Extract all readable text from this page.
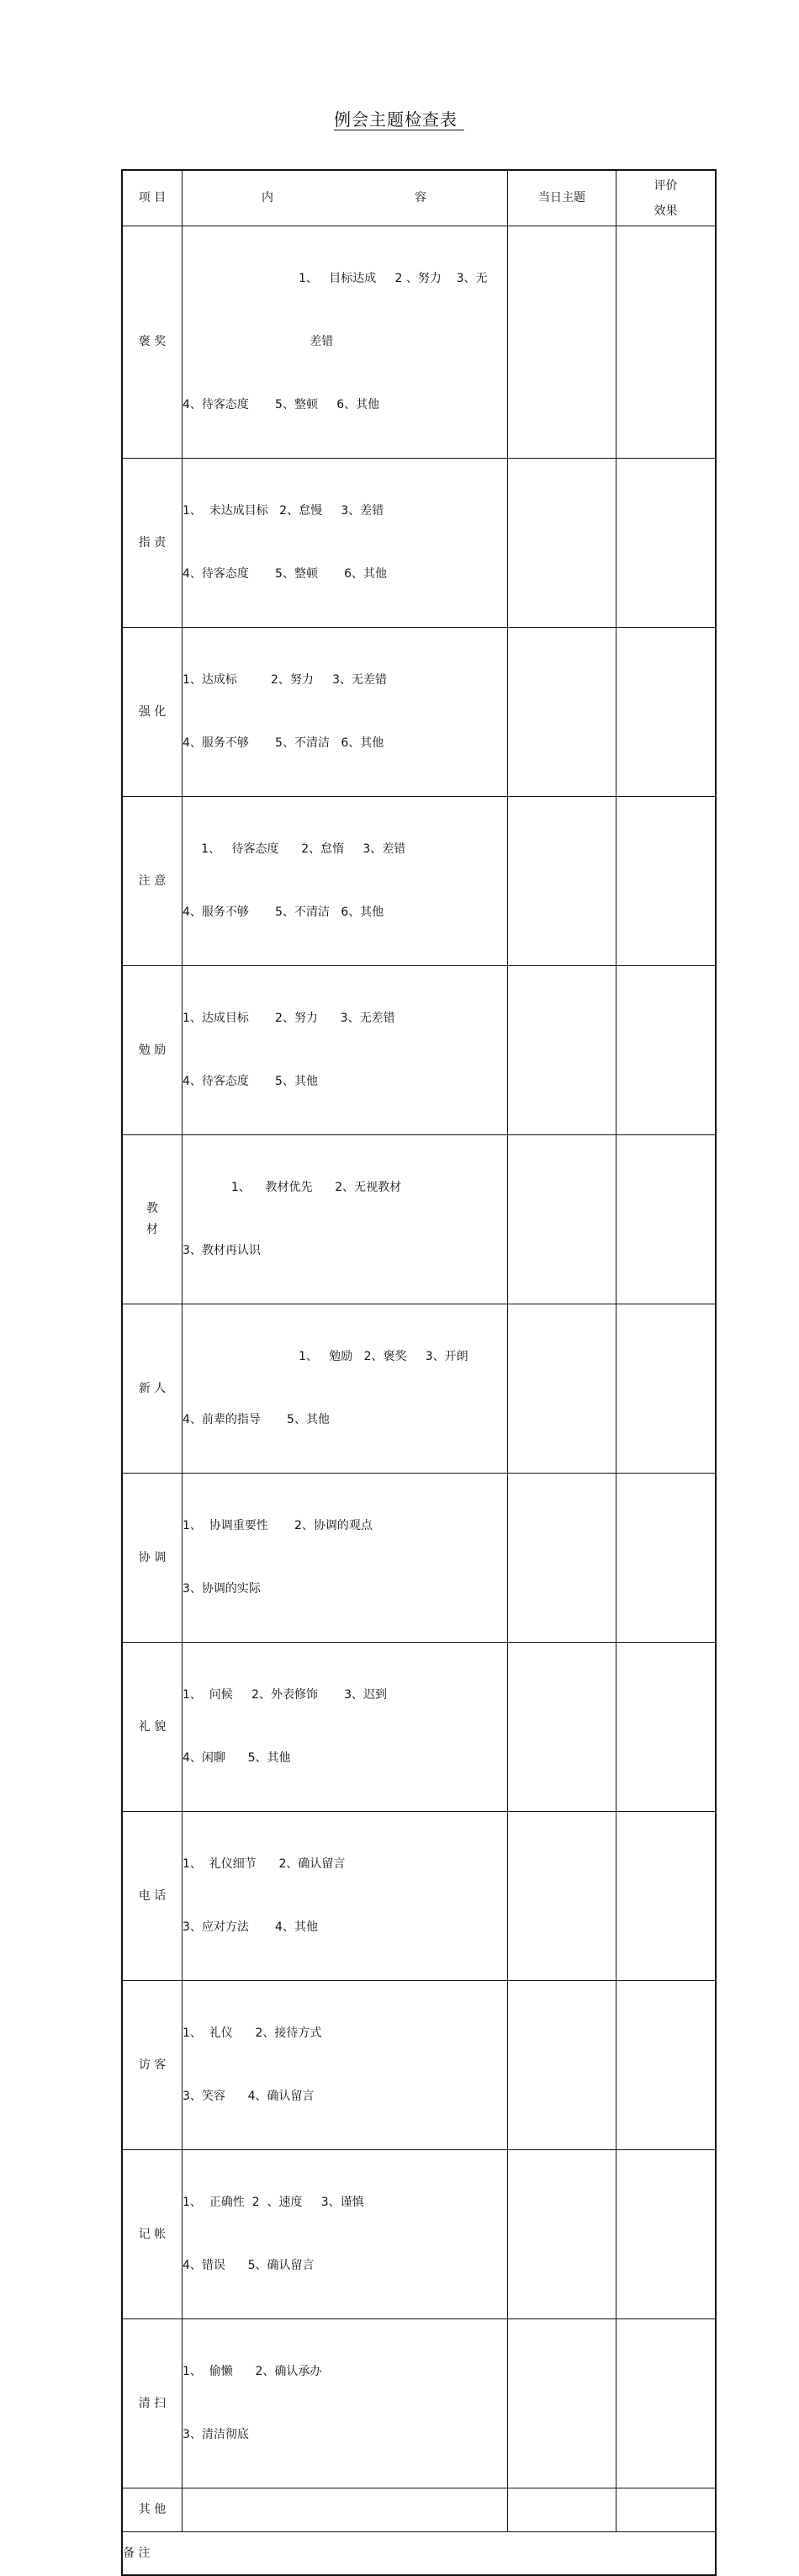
例会主题检查表
项 目	内 容	当日主题	评价
效果

褒 奖	1、   目标达成     2 、努力    3、无

差错

4、待客态度       5、整顿     6、其他		

指 责	1、  未达成目标   2、怠慢     3、差错

4、待客态度       5、整顿       6、其他		

强 化	1、达成标         2、努力     3、无差错

4、服务不够       5、不清洁   6、其他		

注 意	1、   待客态度      2、怠惰     3、差错

4、服务不够       5、不清洁   6、其他		

勉 励	1、达成目标       2、努力      3、无差错

4、待客态度       5、其他		

教
材	1、    教材优先      2、无视教材

3、教材再认识		

新 人	1、   勉励   2、褒奖     3、开朗

4、前辈的指导       5、其他		

协 调	1、  协调重要性       2、协调的观点

3、协调的实际		

礼 貌	1、  问候     2、外表修饰       3、迟到

4、闲聊      5、其他		

电 话	1、  礼仪细节      2、确认留言

3、应对方法       4、其他		

访 客	1、  礼仪      2、接待方式

3、笑容      4、确认留言		

记 帐	1、  正确性  2  、速度     3、谨慎

4、错误      5、确认留言		

清 扫	1、  偷懒      2、确认承办

3、清洁彻底		

其 他			
备 注			
